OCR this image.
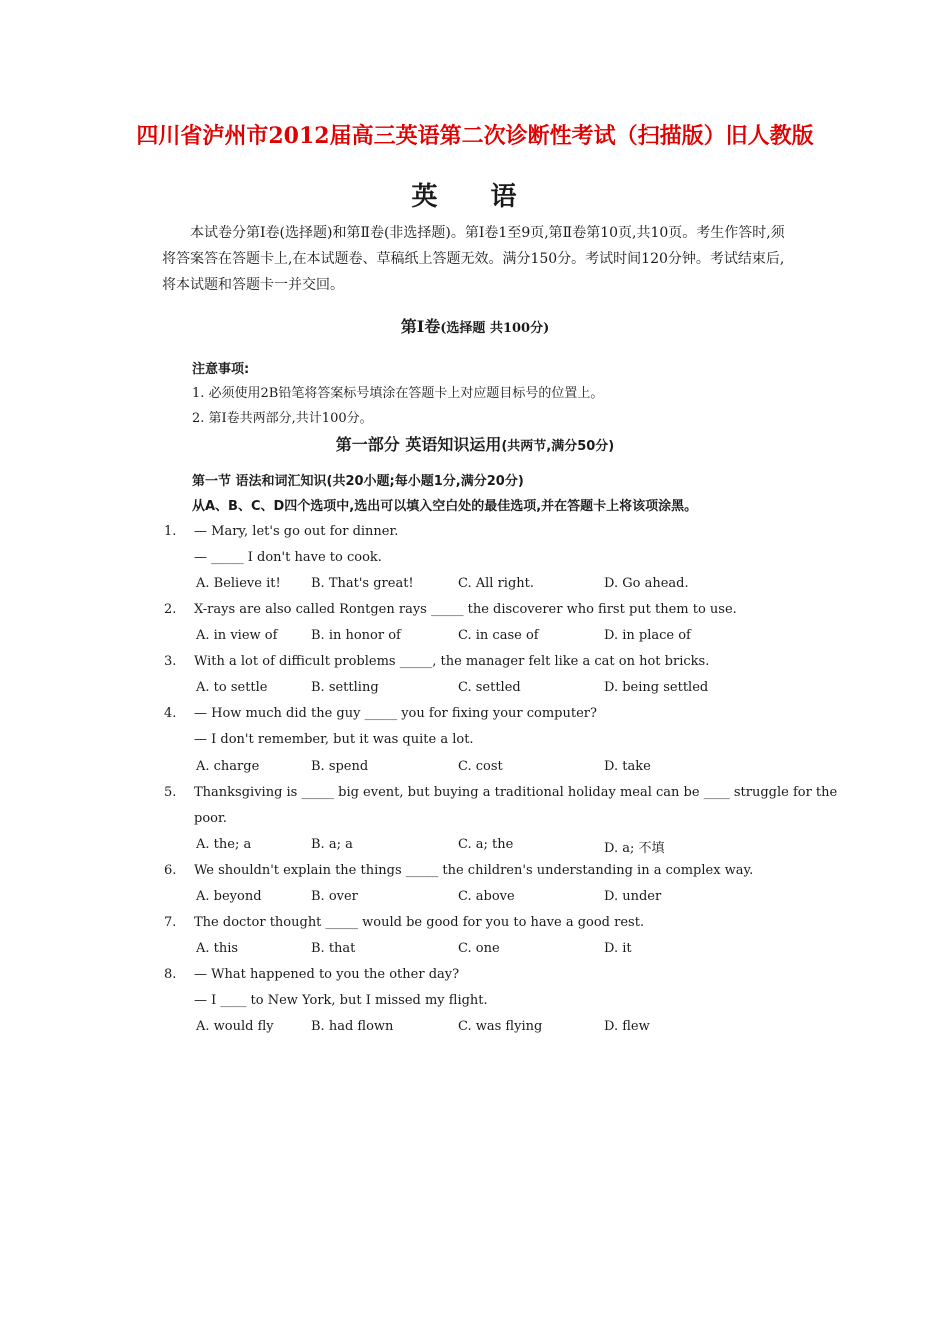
四川省泸州市2012届高三英语第二次诊断性考试（扫描版）旧人教版
英 语
本试卷分第Ⅰ卷(选择题)和第Ⅱ卷(非选择题)。第Ⅰ卷1至9页,第Ⅱ卷第10页,共10页。考生作答时,须将答案答在答题卡上,在本试题卷、草稿纸上答题无效。满分150分。考试时间120分钟。考试结束后,将本试题和答题卡一并交回。
第Ⅰ卷(选择题 共100分)
注意事项:
1. 必须使用2B铅笔将答案标号填涂在答题卡上对应题目标号的位置上。
2. 第Ⅰ卷共两部分,共计100分。
第一部分 英语知识运用(共两节,满分50分)
第一节 语法和词汇知识(共20小题;每小题1分,满分20分)
从A、B、C、D四个选项中,选出可以填入空白处的最佳选项,并在答题卡上将该项涂黑。
1. — Mary, let's go out for dinner.
— _____ I don't have to cook.
A. Believe it! B. That's great!	C. All right.	D. Go ahead.
2. X-rays are also called Rontgen rays _____ the discoverer who first put them to use.
A. in view of	B. in honor of	C. in case of	D. in place of
3. With a lot of difficult problems _____, the manager felt like a cat on hot bricks.
A. to settle	B. settling	C. settled	D. being settled
4. — How much did the guy _____ you for fixing your computer?
— I don't remember, but it was quite a lot.
A. charge	B. spend	C. cost	D. take
5. Thanksgiving is _____ big event, but buying a traditional holiday meal can be ____ struggle for the
poor.
A. the; a	B. a; a	C. a; the	D. a; 不填
6. We shouldn't explain the things _____ the children's understanding in a complex way.
A. beyond	B. over	C. above	D. under
7. The doctor thought _____ would be good for you to have a good rest.
A. this	B. that	C. one	D. it
8. — What happened to you the other day?
— I ____ to New York, but I missed my flight.
A. would fly	B. had flown	C. was flying	D. flew
